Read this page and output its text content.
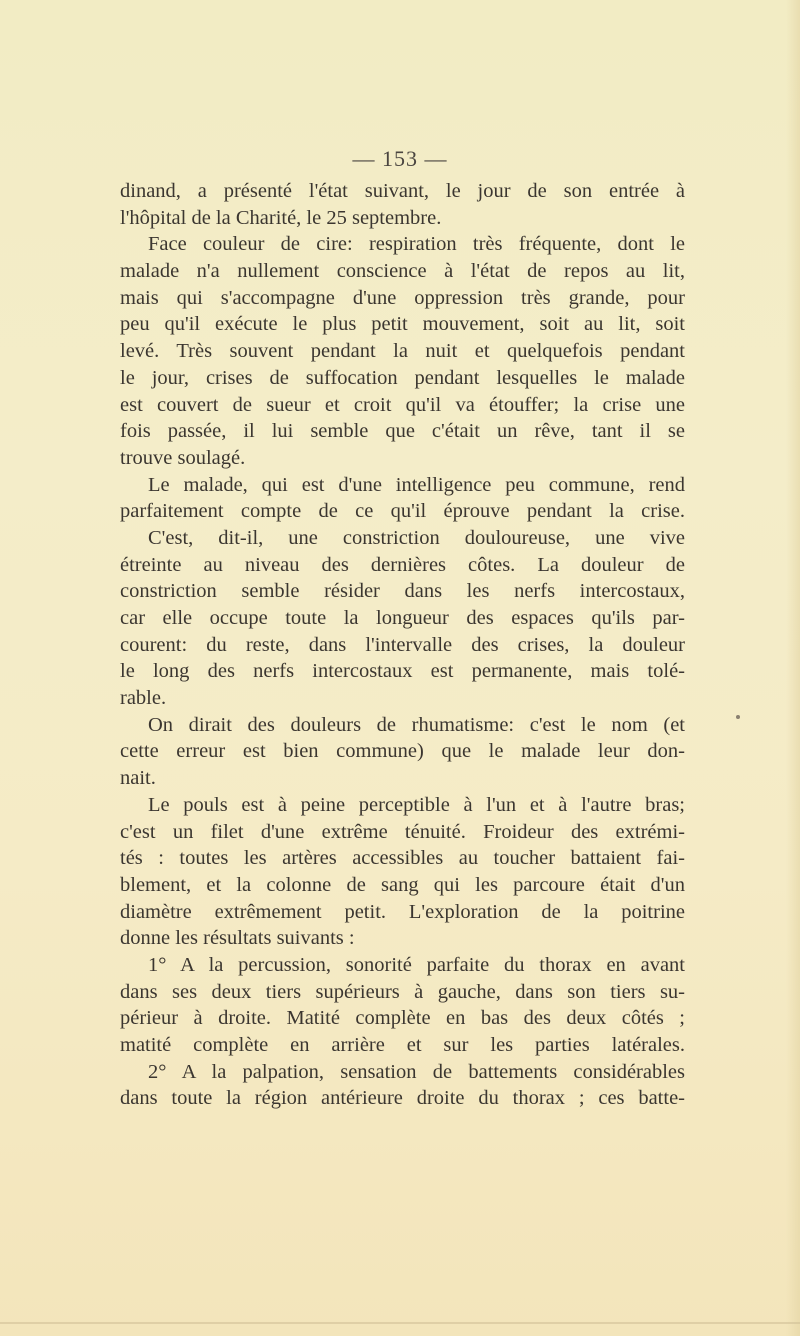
— 153 —
dinand, a présenté l'état suivant, le jour de son entrée à
l'hôpital de la Charité, le 25 septembre.
Face couleur de cire: respiration très fréquente, dont le
malade n'a nullement conscience à l'état de repos au lit,
mais qui s'accompagne d'une oppression très grande, pour
peu qu'il exécute le plus petit mouvement, soit au lit, soit
levé. Très souvent pendant la nuit et quelquefois pendant
le jour, crises de suffocation pendant lesquelles le malade
est couvert de sueur et croit qu'il va étouffer; la crise une
fois passée, il lui semble que c'était un rêve, tant il se
trouve soulagé.
Le malade, qui est d'une intelligence peu commune, rend
parfaitement compte de ce qu'il éprouve pendant la crise.
C'est, dit-il, une constriction douloureuse, une vive
étreinte au niveau des dernières côtes. La douleur de
constriction semble résider dans les nerfs intercostaux,
car elle occupe toute la longueur des espaces qu'ils par-
courent: du reste, dans l'intervalle des crises, la douleur
le long des nerfs intercostaux est permanente, mais tolé-
rable.
On dirait des douleurs de rhumatisme: c'est le nom (et
cette erreur est bien commune) que le malade leur don-
nait.
Le pouls est à peine perceptible à l'un et à l'autre bras;
c'est un filet d'une extrême ténuité. Froideur des extrémi-
tés : toutes les artères accessibles au toucher battaient fai-
blement, et la colonne de sang qui les parcoure était d'un
diamètre extrêmement petit. L'exploration de la poitrine
donne les résultats suivants :
1° A la percussion, sonorité parfaite du thorax en avant
dans ses deux tiers supérieurs à gauche, dans son tiers su-
périeur à droite. Matité complète en bas des deux côtés ;
matité complète en arrière et sur les parties latérales.
2° A la palpation, sensation de battements considérables
dans toute la région antérieure droite du thorax ; ces batte-
